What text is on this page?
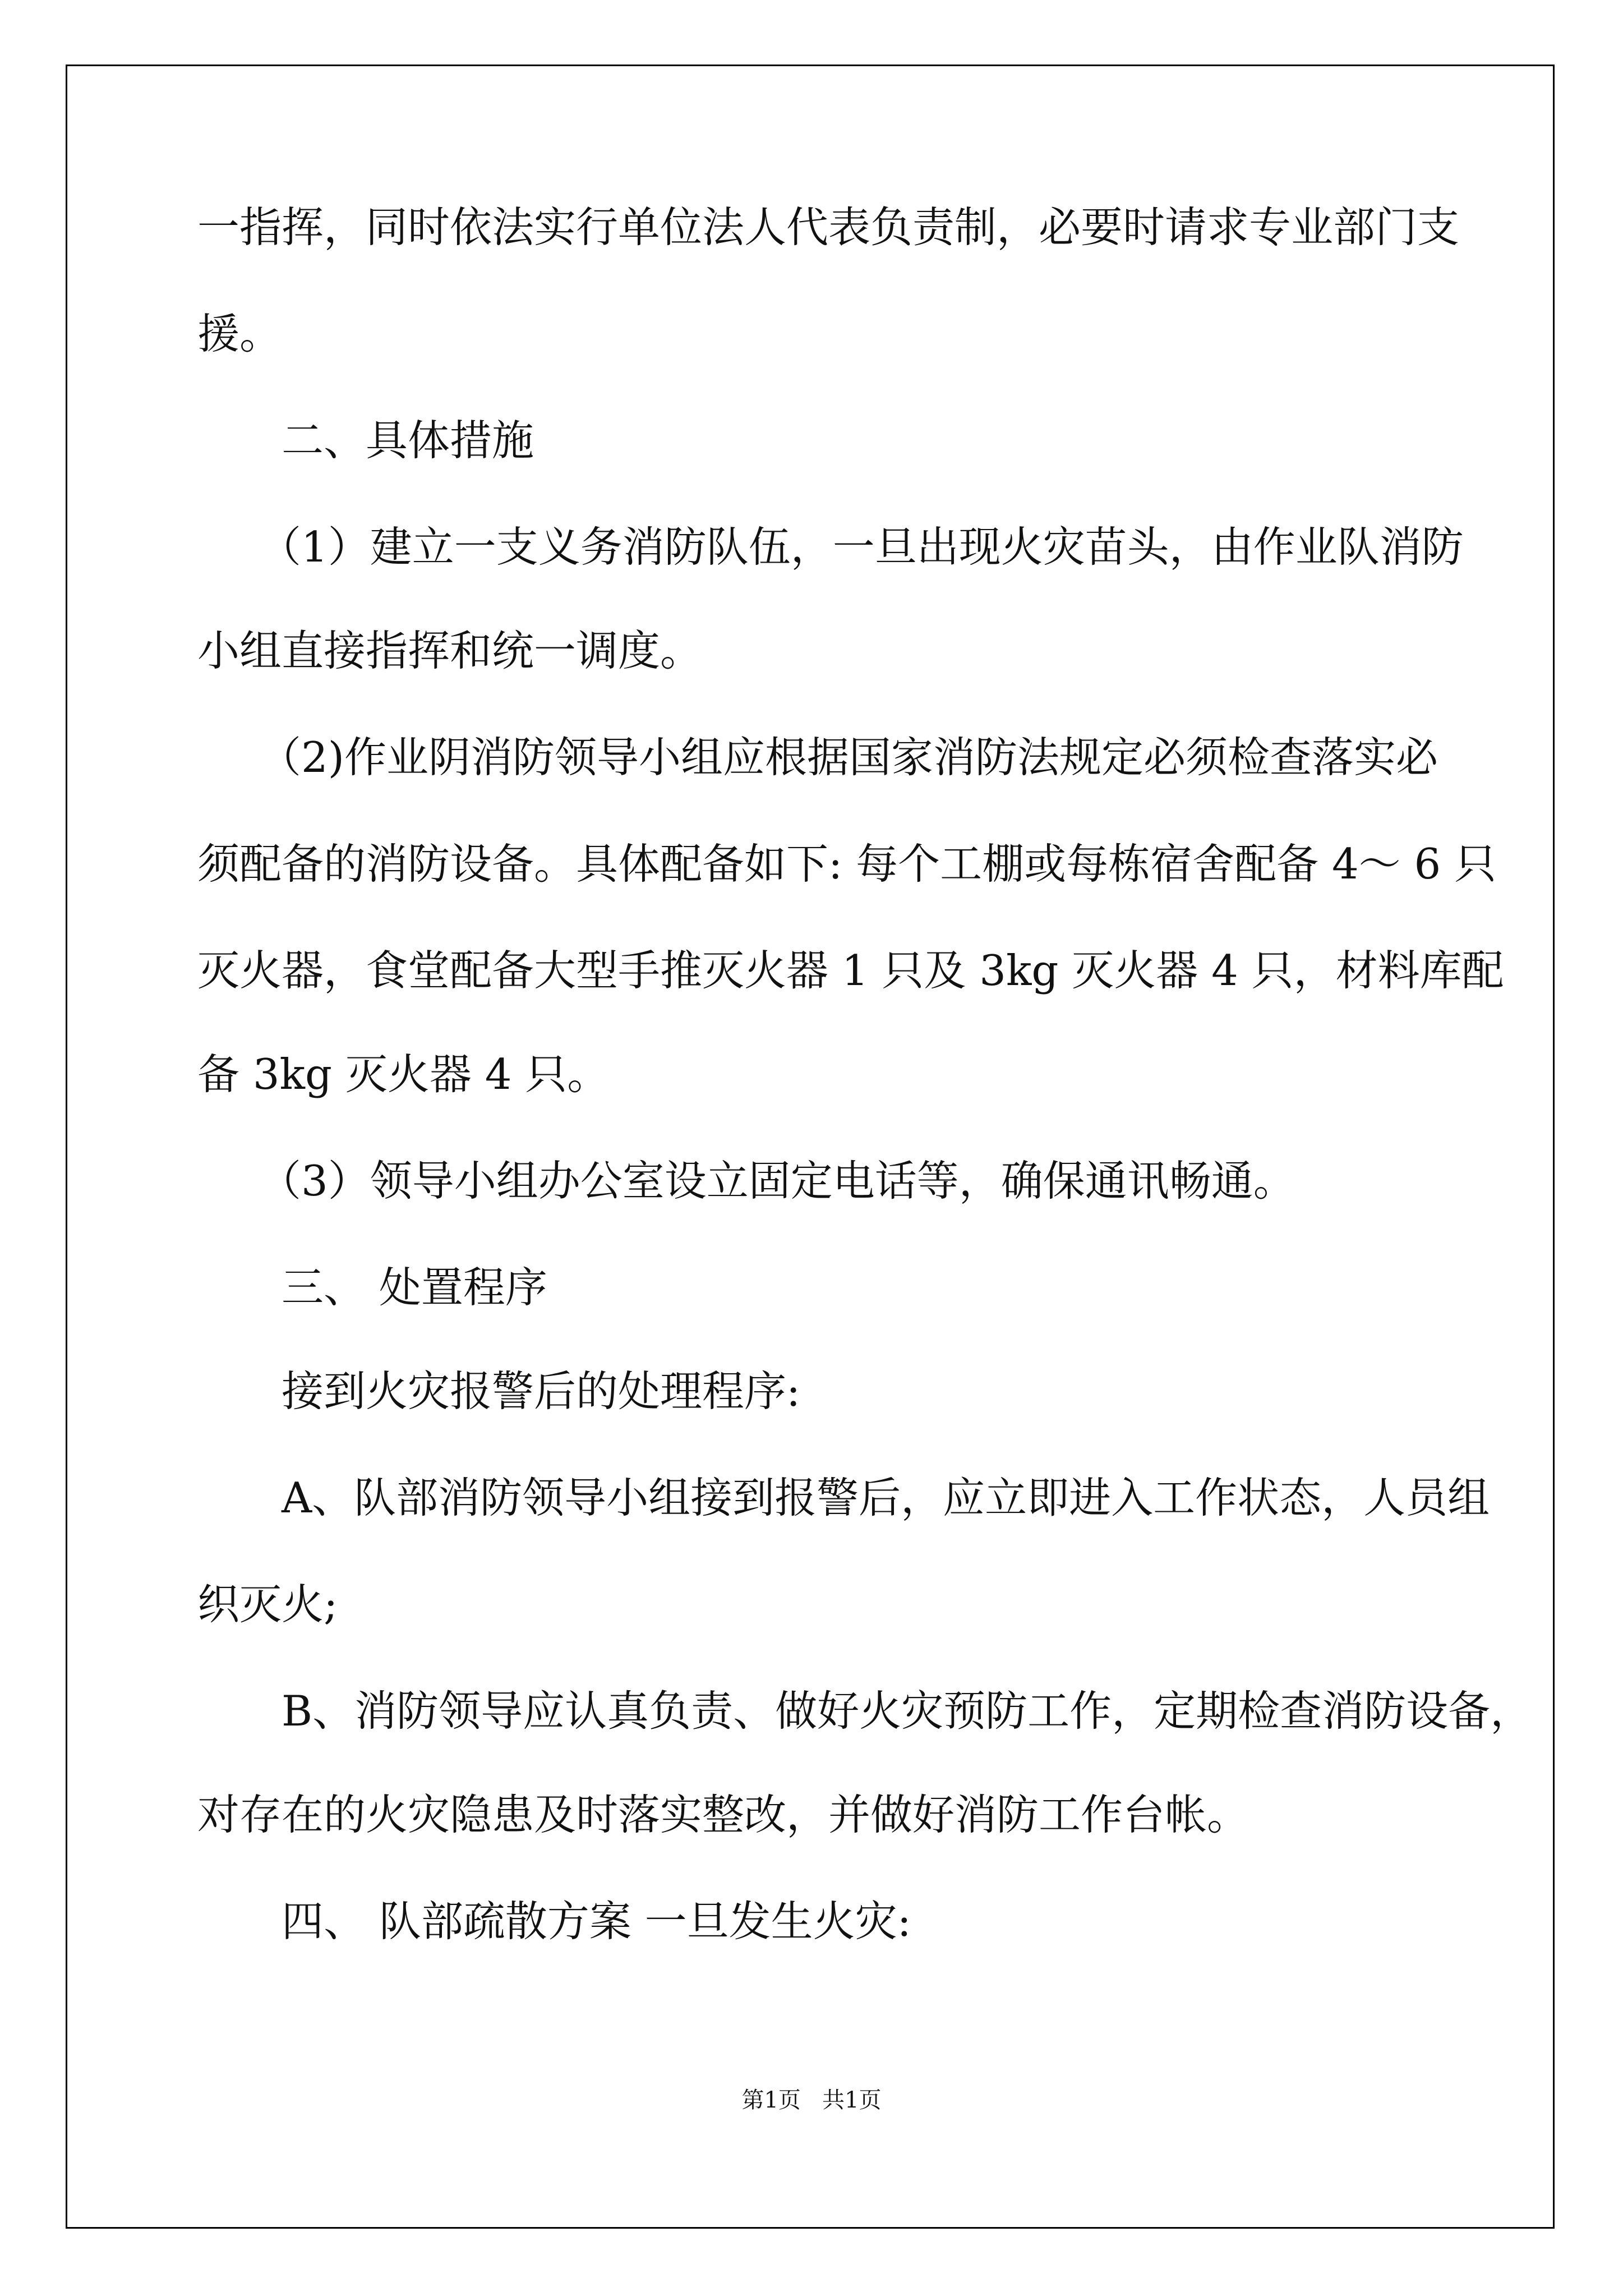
一指挥，同时依法实行单位法人代表负责制，必要时请求专业部门支
援。
二、具体措施
（1）建立一支义务消防队伍，一旦出现火灾苗头，由作业队消防
小组直接指挥和统一调度。
（2)作业阴消防领导小组应根据国家消防法规定必须检查落实必
须配备的消防设备。具体配备如下: 每个工棚或每栋宿舍配备 4～ 6 只
灭火器，食堂配备大型手推灭火器 1 只及 3kg 灭火器 4 只，材料库配
备 3kg 灭火器 4 只。
（3）领导小组办公室设立固定电话等，确保通讯畅通。
三、 处置程序
接到火灾报警后的处理程序:
A、队部消防领导小组接到报警后，应立即进入工作状态，人员组
织灭火;
B、消防领导应认真负责、做好火灾预防工作，定期检查消防设备，
对存在的火灾隐患及时落实整改，并做好消防工作台帐。
四、 队部疏散方案 一旦发生火灾:
第1页   共1页
